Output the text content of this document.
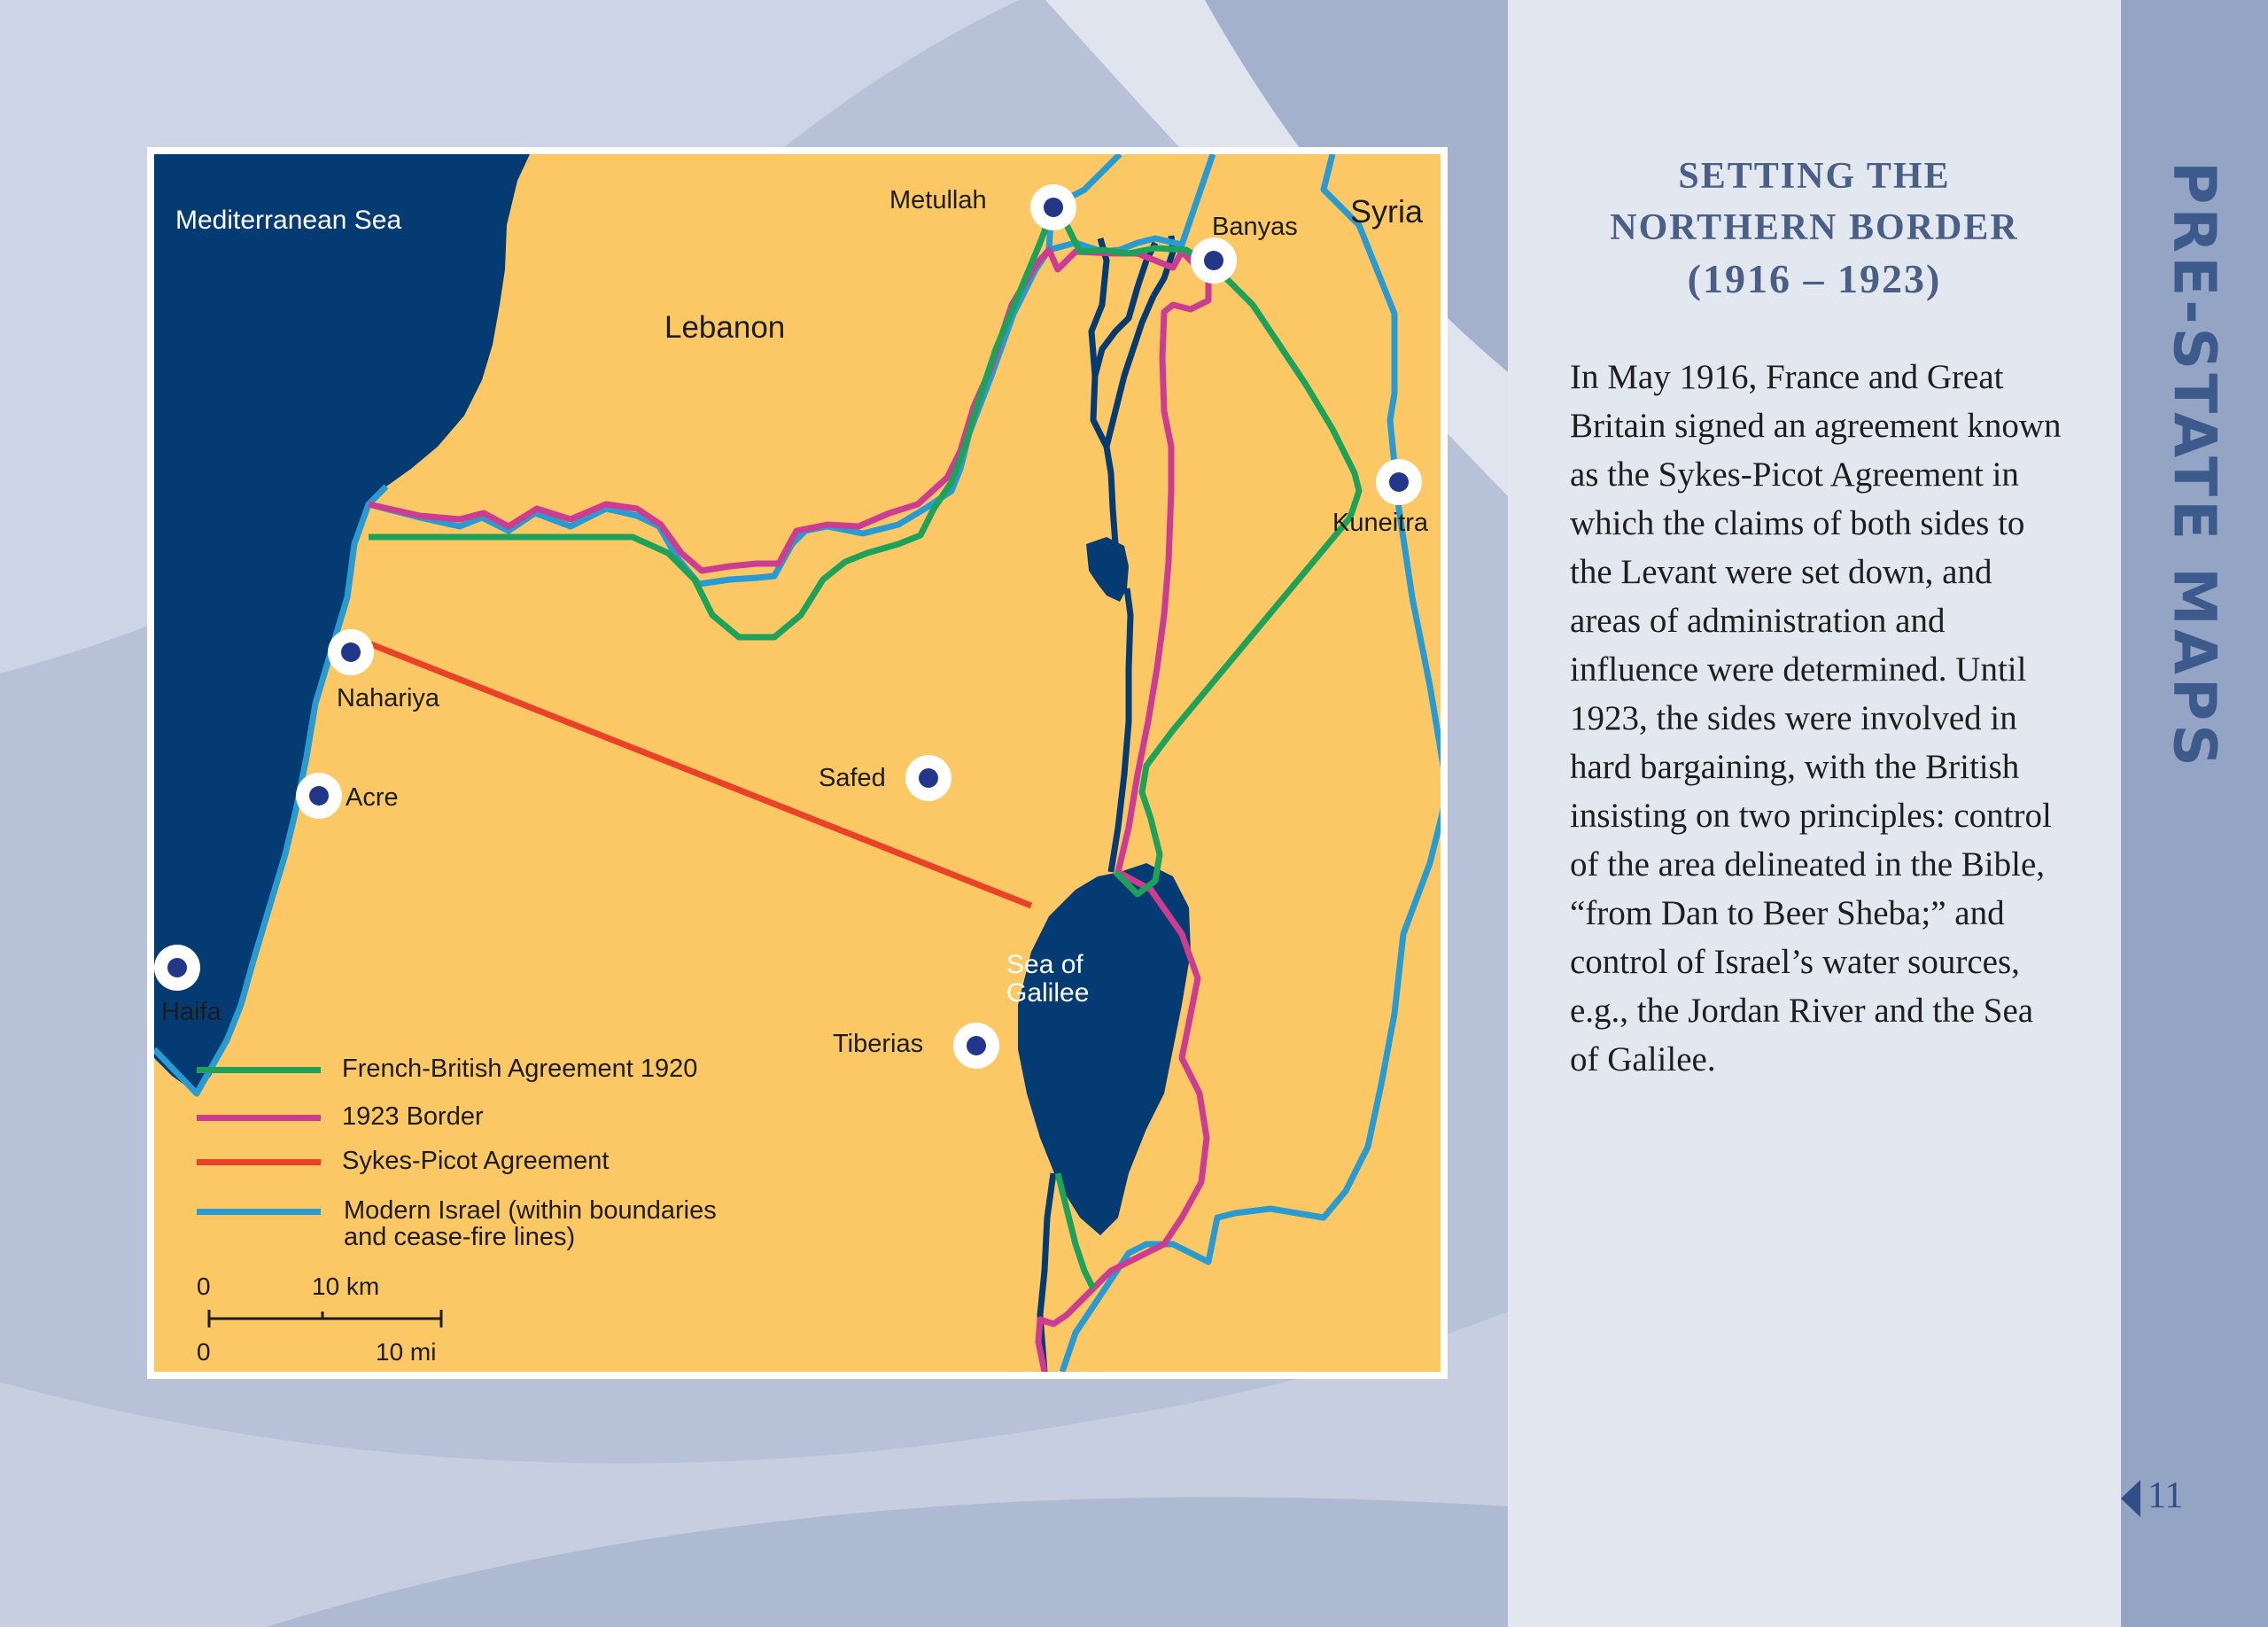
Mediterranean Sea
Lebanon
Syria
Metullah
Banyas
Kuneitra
Nahariya
Acre
Safed
Haifa
Tiberias
Sea of
Galilee
French-British Agreement 1920
1923 Border
Sykes-Picot Agreement
Modern Israel (within boundaries
and cease-fire lines)
0	10 km
0	10 mi
SETTING THE
NORTHERN BORDER
(1916 – 1923)
In May 1916, France and Great Britain signed an agreement known as the Sykes-Picot Agreement in which the claims of both sides to the Levant were set down, and areas of administration and influence were determined. Until 1923, the sides were involved in hard bargaining, with the British insisting on two principles: control of the area delineated in the Bible, “from Dan to Beer Sheba;” and control of Israel’s water sources, e.g., the Jordan River and the Sea of Galilee.
PRE-STATE MAPS
11
